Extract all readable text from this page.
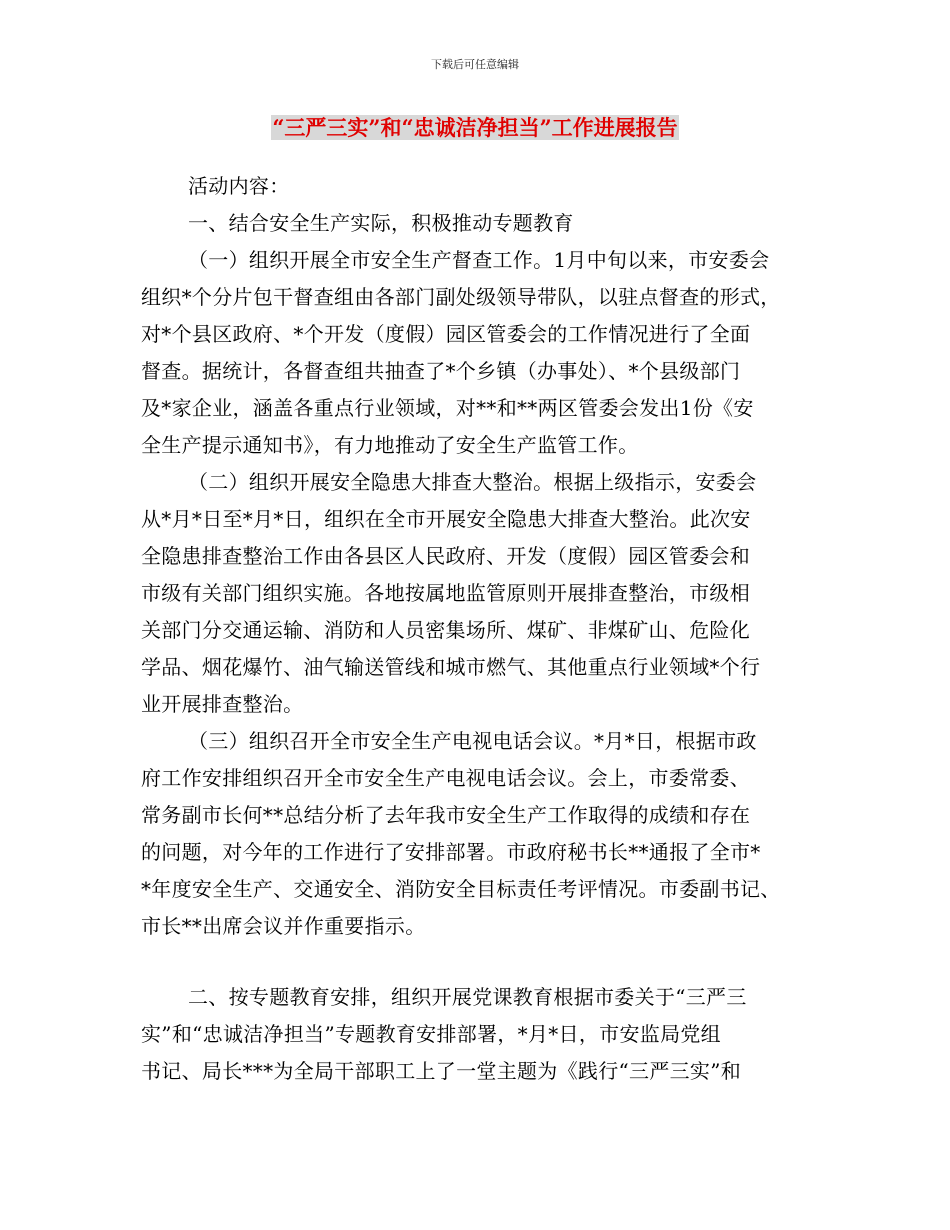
下载后可任意编辑
“三严三实”和“忠诚洁净担当”工作进展报告
活动内容：
一、结合安全生产实际，积极推动专题教育
（一）组织开展全市安全生产督查工作。1月中旬以来，市安委会
组织*个分片包干督查组由各部门副处级领导带队，以驻点督查的形式，
对*个县区政府、*个开发（度假）园区管委会的工作情况进行了全面
督查。据统计，各督查组共抽查了*个乡镇（办事处）、*个县级部门
及*家企业，涵盖各重点行业领域，对**和**两区管委会发出1份《安
全生产提示通知书》，有力地推动了安全生产监管工作。
（二）组织开展安全隐患大排查大整治。根据上级指示，安委会
从*月*日至*月*日，组织在全市开展安全隐患大排查大整治。此次安
全隐患排查整治工作由各县区人民政府、开发（度假）园区管委会和
市级有关部门组织实施。各地按属地监管原则开展排查整治，市级相
关部门分交通运输、消防和人员密集场所、煤矿、非煤矿山、危险化
学品、烟花爆竹、油气输送管线和城市燃气、其他重点行业领域*个行
业开展排查整治。
（三）组织召开全市安全生产电视电话会议。*月*日，根据市政
府工作安排组织召开全市安全生产电视电话会议。会上，市委常委、
常务副市长何**总结分析了去年我市安全生产工作取得的成绩和存在
的问题，对今年的工作进行了安排部署。市政府秘书长**通报了全市*
*年度安全生产、交通安全、消防安全目标责任考评情况。市委副书记、
市长**出席会议并作重要指示。
二、按专题教育安排，组织开展党课教育根据市委关于“三严三
实”和“忠诚洁净担当”专题教育安排部署，*月*日，市安监局党组
书记、局长***为全局干部职工上了一堂主题为《践行“三严三实”和
